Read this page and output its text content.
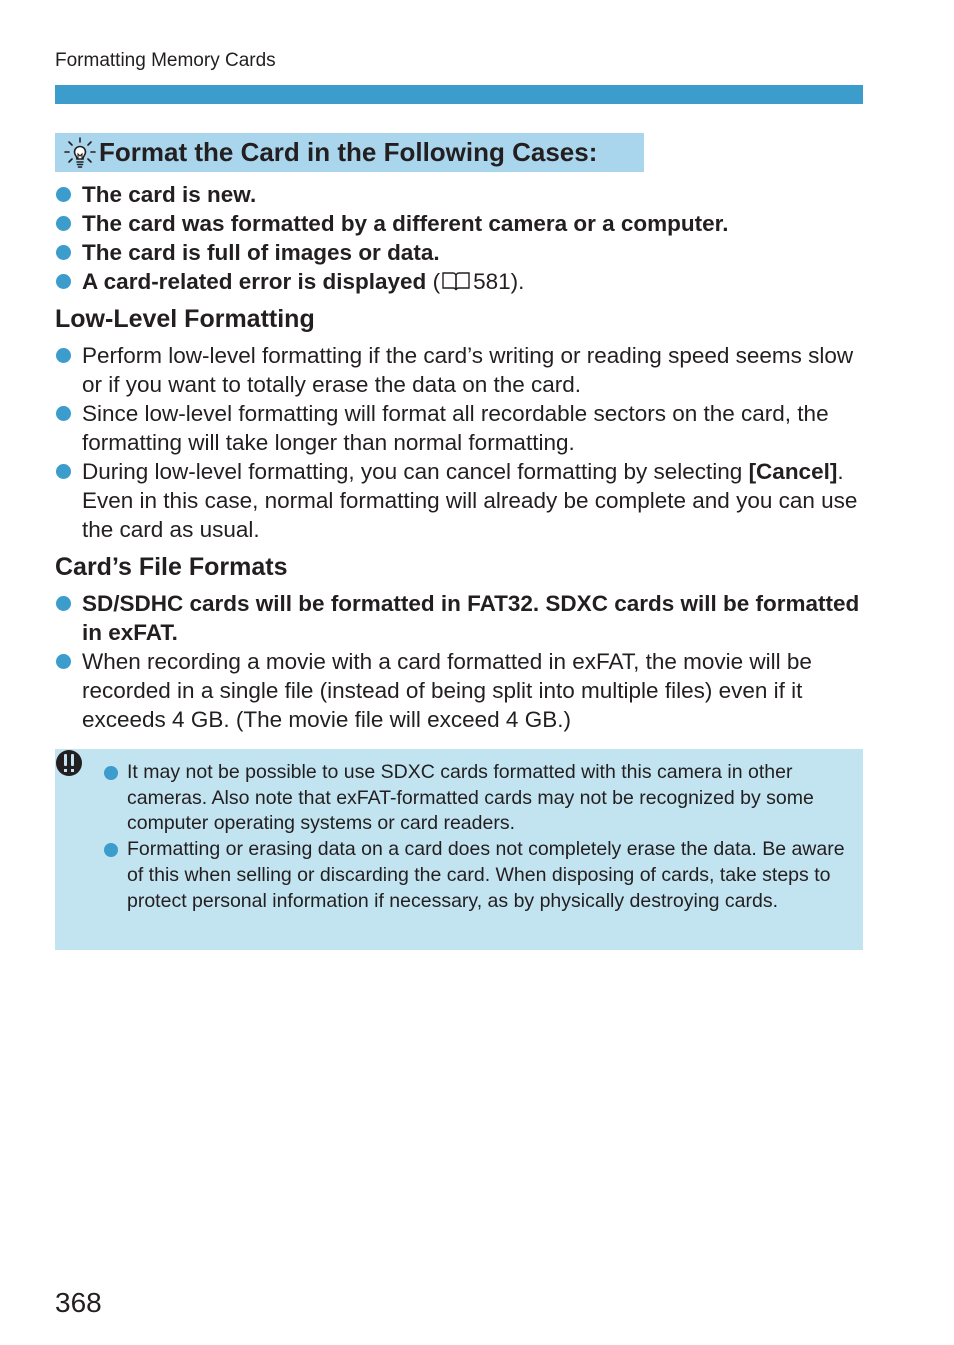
Formatting Memory Cards
Format the Card in the Following Cases:
The card is new.
The card was formatted by a different camera or a computer.
The card is full of images or data.
A card-related error is displayed ( 581).
Low-Level Formatting
Perform low-level formatting if the card’s writing or reading speed seems slow or if you want to totally erase the data on the card.
Since low-level formatting will format all recordable sectors on the card, the formatting will take longer than normal formatting.
During low-level formatting, you can cancel formatting by selecting [Cancel]. Even in this case, normal formatting will already be complete and you can use the card as usual.
Card’s File Formats
SD/SDHC cards will be formatted in FAT32. SDXC cards will be formatted in exFAT.
When recording a movie with a card formatted in exFAT, the movie will be recorded in a single file (instead of being split into multiple files) even if it exceeds 4 GB. (The movie file will exceed 4 GB.)
It may not be possible to use SDXC cards formatted with this camera in other cameras. Also note that exFAT-formatted cards may not be recognized by some computer operating systems or card readers.
Formatting or erasing data on a card does not completely erase the data. Be aware of this when selling or discarding the card. When disposing of cards, take steps to protect personal information if necessary, as by physically destroying cards.
368
